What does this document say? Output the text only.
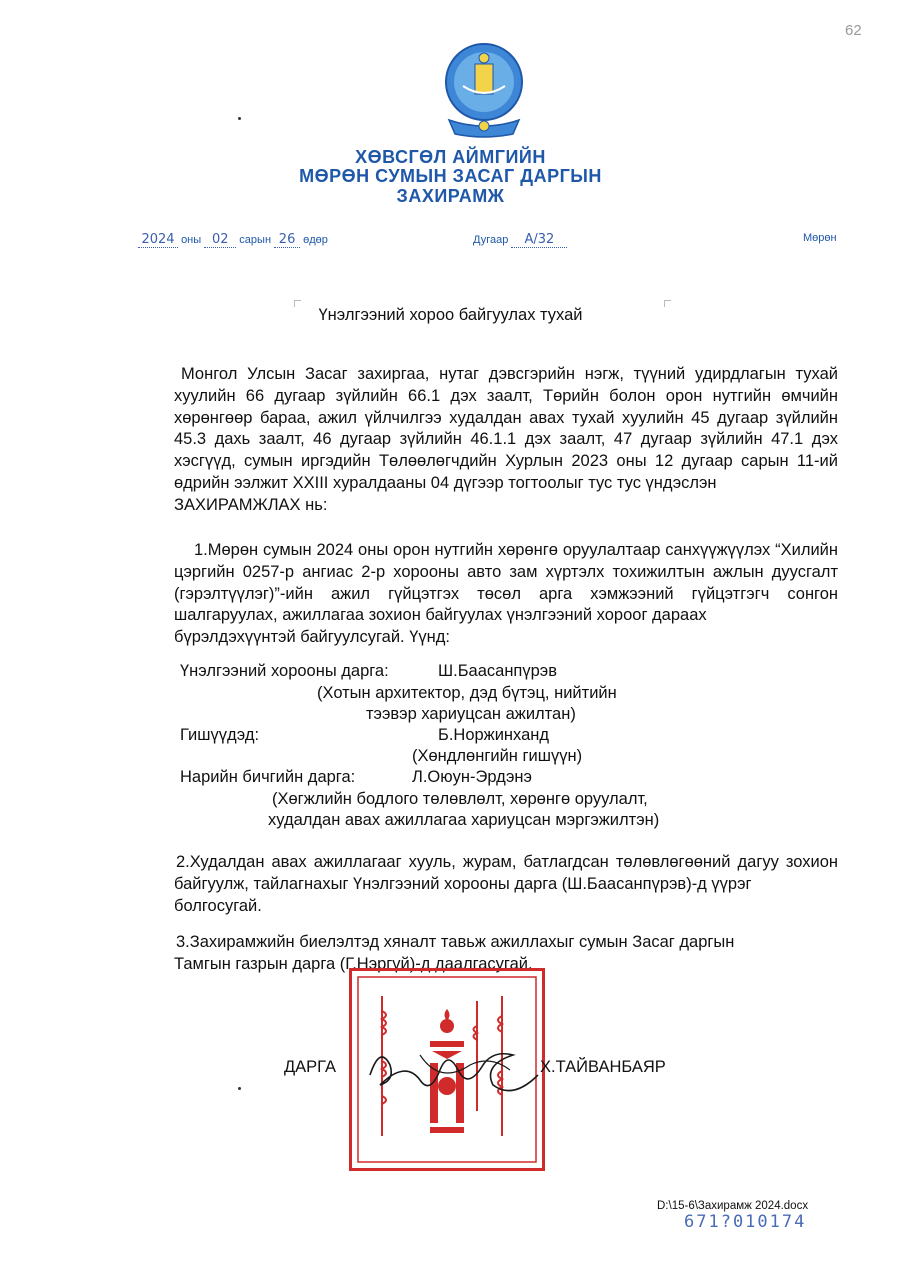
62
ХӨВСГӨЛ АЙМГИЙН
МӨРӨН СУМЫН ЗАСАГ ДАРГЫН
ЗАХИРАМЖ
2024 оны 02 сарын 26 өдөр	Дугаар А/32	Мөрөн
Үнэлгээний хороо байгуулах тухай
Монгол Улсын Засаг захиргаа, нутаг дэвсгэрийн нэгж, түүний удирдлагын тухай хуулийн 66 дугаар зүйлийн 66.1 дэх заалт, Төрийн болон орон нутгийн өмчийн хөрөнгөөр бараа, ажил үйлчилгээ худалдан авах тухай хуулийн 45 дугаар зүйлийн 45.3 дахь заалт, 46 дугаар зүйлийн 46.1.1 дэх заалт, 47 дугаар зүйлийн 47.1 дэх хэсгүүд, сумын иргэдийн Төлөөлөгчдийн Хурлын 2023 оны 12 дугаар сарын 11-ий өдрийн ээлжит XXIII хуралдааны 04 дүгээр тогтоолыг тус тус үндэслэн
ЗАХИРАМЖЛАХ нь:
1.Мөрөн сумын 2024 оны орон нутгийн хөрөнгө оруулалтаар санхүүжүүлэх “Хилийн цэргийн 0257-р ангиас 2-р хорооны авто зам хүртэлх тохижилтын ажлын дуусгалт (гэрэлтүүлэг)”-ийн ажил гүйцэтгэх төсөл арга хэмжээний гүйцэтгэгч сонгон шалгаруулах, ажиллагаа зохион байгуулах үнэлгээний хороог дараах
бүрэлдэхүүнтэй байгуулсугай. Үүнд:
Үнэлгээний хорооны дарга:	Ш.Баасанпүрэв
(Хотын архитектор, дэд бүтэц, нийтийн
тээвэр хариуцсан ажилтан)
Гишүүдэд:	Б.Норжинханд
(Хөндлөнгийн гишүүн)
Нарийн бичгийн дарга:	Л.Оюун-Эрдэнэ
(Хөгжлийн бодлого төлөвлөлт, хөрөнгө оруулалт,
худалдан авах ажиллагаа хариуцсан мэргэжилтэн)
2.Худалдан авах ажиллагааг хууль, журам, батлагдсан төлөвлөгөөний дагуу зохион байгуулж, тайлагнахыг Үнэлгээний хорооны дарга (Ш.Баасанпүрэв)-д үүрэг
болгосугай.
3.Захирамжийн биелэлтэд хяналт тавьж ажиллахыг сумын Засаг даргын
Тамгын газрын дарга (Г.Нэргүй)-д даалгасугай.
ДАРГА	Х.ТАЙВАНБАЯР
D:\15-6\Захирамж 2024.docx
671?010174
